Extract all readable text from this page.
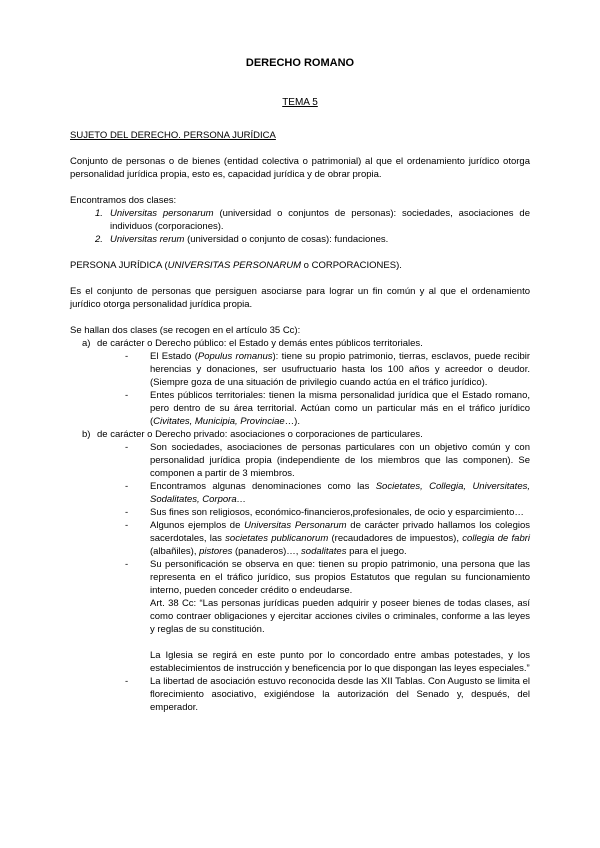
DERECHO ROMANO
TEMA 5
SUJETO DEL DERECHO. PERSONA JURÍDICA
Conjunto de personas o de bienes (entidad colectiva o patrimonial) al que el ordenamiento jurídico otorga personalidad jurídica propia, esto es, capacidad jurídica y de obrar propia.
Encontramos dos clases:
1. Universitas personarum (universidad o conjuntos de personas): sociedades, asociaciones de individuos (corporaciones).
2. Universitas rerum (universidad o conjunto de cosas): fundaciones.
PERSONA JURÍDICA (UNIVERSITAS PERSONARUM o CORPORACIONES).
Es el conjunto de personas que persiguen asociarse para lograr un fin común y al que el ordenamiento jurídico otorga personalidad jurídica propia.
Se hallan dos clases (se recogen en el artículo 35 Cc):
a) de carácter o Derecho público: el Estado y demás entes públicos territoriales.
- El Estado (Populus romanus): tiene su propio patrimonio, tierras, esclavos, puede recibir herencias y donaciones, ser usufructuario hasta los 100 años y acreedor o deudor. (Siempre goza de una situación de privilegio cuando actúa en el tráfico jurídico).
- Entes públicos territoriales: tienen la misma personalidad jurídica que el Estado romano, pero dentro de su área territorial. Actúan como un particular más en el tráfico jurídico (Civitates, Municipia, Provinciae…).
b) de carácter o Derecho privado: asociaciones o corporaciones de particulares.
- Son sociedades, asociaciones de personas particulares con un objetivo común y con personalidad jurídica propia (independiente de los miembros que las componen). Se componen a partir de 3 miembros.
- Encontramos algunas denominaciones como las Societates, Collegia, Universitates, Sodalitates, Corpora…
- Sus fines son religiosos, económico-financieros,profesionales, de ocio y esparcimiento…
- Algunos ejemplos de Universitas Personarum de carácter privado hallamos los colegios sacerdotales, las societates publicanorum (recaudadores de impuestos), collegia de fabri (albañiles), pistores (panaderos)…, sodalitates para el juego.
- Su personificación se observa en que: tienen su propio patrimonio, una persona que las representa en el tráfico jurídico, sus propios Estatutos que regulan su funcionamiento interno, pueden conceder crédito o endeudarse.
Art. 38 Cc: “Las personas jurídicas pueden adquirir y poseer bienes de todas clases, así como contraer obligaciones y ejercitar acciones civiles o criminales, conforme a las leyes y reglas de su constitución.
La Iglesia se regirá en este punto por lo concordado entre ambas potestades, y los establecimientos de instrucción y beneficencia por lo que dispongan las leyes especiales.”
- La libertad de asociación estuvo reconocida desde las XII Tablas. Con Augusto se limita el florecimiento asociativo, exigiéndose la autorización del Senado y, después, del emperador.
